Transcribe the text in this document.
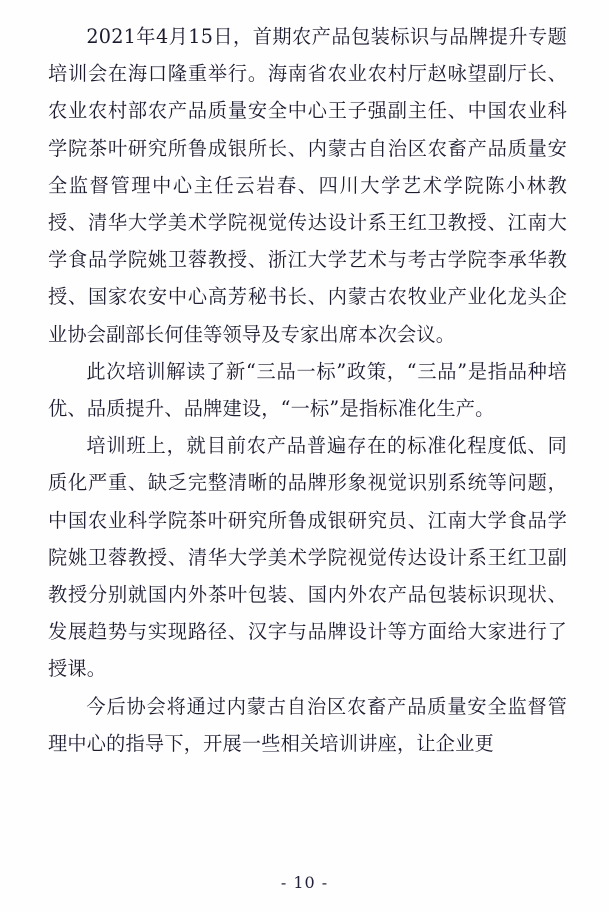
2021年4月15日，首期农产品包装标识与品牌提升专题培训会在海口隆重举行。海南省农业农村厅赵咏望副厅长、农业农村部农产品质量安全中心王子强副主任、中国农业科学院茶叶研究所鲁成银所长、内蒙古自治区农畜产品质量安全监督管理中心主任云岩春、四川大学艺术学院陈小林教授、清华大学美术学院视觉传达设计系王红卫教授、江南大学食品学院姚卫蓉教授、浙江大学艺术与考古学院李承华教授、国家农安中心高芳秘书长、内蒙古农牧业产业化龙头企业协会副部长何佳等领导及专家出席本次会议。

此次培训解读了新“三品一标”政策，“三品”是指品种培优、品质提升、品牌建设，“一标”是指标准化生产。

培训班上，就目前农产品普遍存在的标准化程度低、同质化严重、缺乏完整清晰的品牌形象视觉识别系统等问题，中国农业科学院茶叶研究所鲁成银研究员、江南大学食品学院姚卫蓉教授、清华大学美术学院视觉传达设计系王红卫副教授分别就国内外茶叶包装、国内外农产品包装标识现状、发展趋势与实现路径、汉字与品牌设计等方面给大家进行了授课。

今后协会将通过内蒙古自治区农畜产品质量安全监督管理中心的指导下，开展一些相关培训讲座，让企业更

- 10 -
